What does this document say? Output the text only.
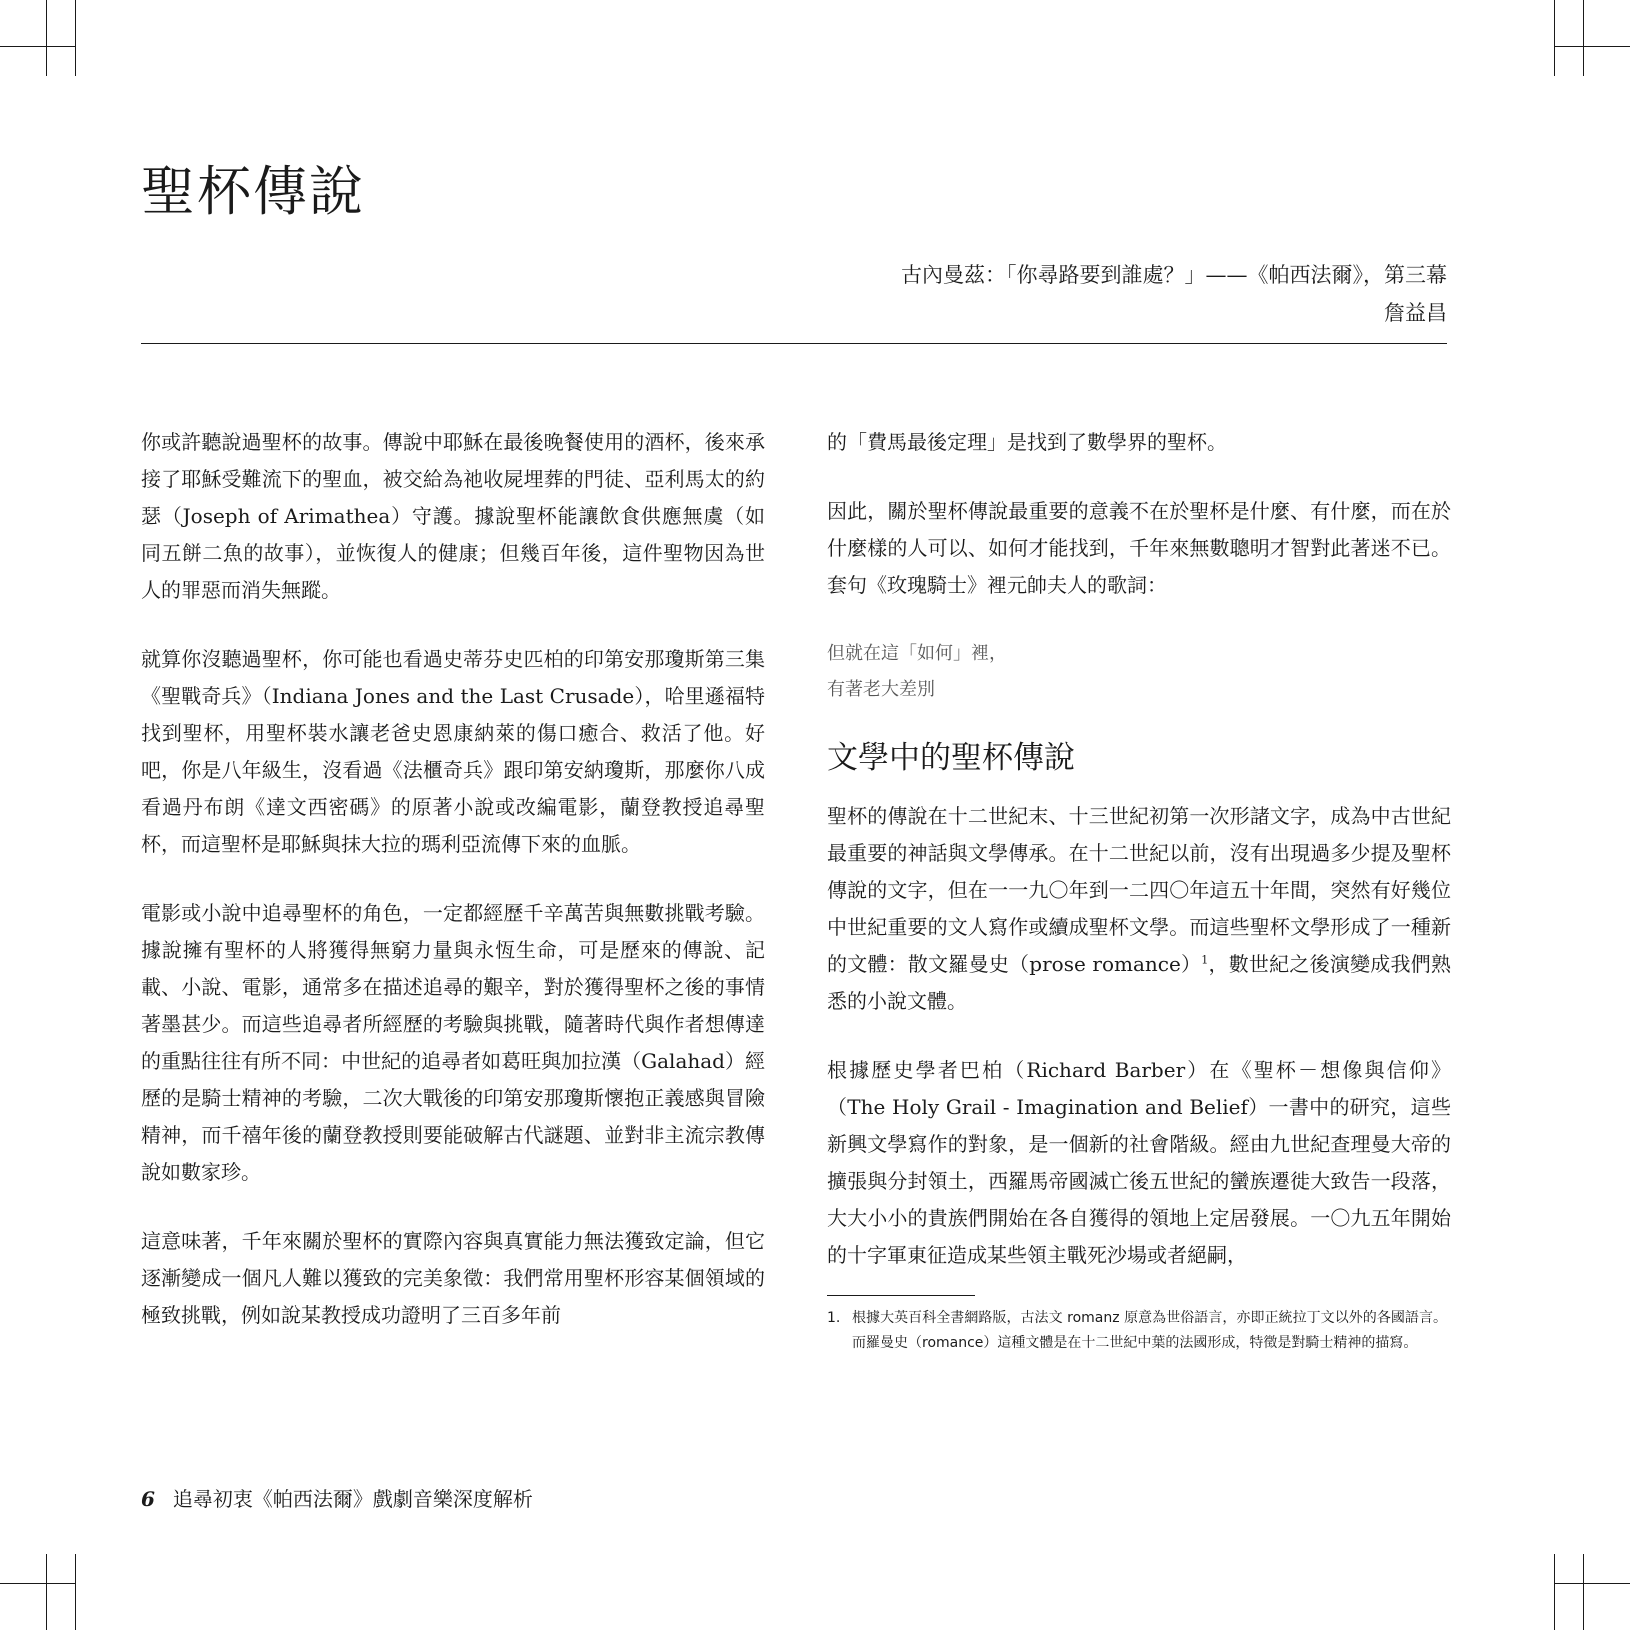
聖杯傳說
古內曼茲：「你尋路要到誰處？」——《帕西法爾》，第三幕
詹益昌

你或許聽說過聖杯的故事。傳說中耶穌在最後晚餐使用的酒杯，後來承接了耶穌受難流下的聖血，被交給為祂收屍埋葬的門徒、亞利馬太的約瑟（Joseph of Arimathea）守護。據說聖杯能讓飲食供應無虞（如同五餅二魚的故事），並恢復人的健康；但幾百年後，這件聖物因為世人的罪惡而消失無蹤。

就算你沒聽過聖杯，你可能也看過史蒂芬史匹柏的印第安那瓊斯第三集《聖戰奇兵》（Indiana Jones and the Last Crusade），哈里遜福特找到聖杯，用聖杯裝水讓老爸史恩康納萊的傷口癒合、救活了他。好吧，你是八年級生，沒看過《法櫃奇兵》跟印第安納瓊斯，那麼你八成看過丹布朗《達文西密碼》的原著小說或改編電影，蘭登教授追尋聖杯，而這聖杯是耶穌與抹大拉的瑪利亞流傳下來的血脈。

電影或小說中追尋聖杯的角色，一定都經歷千辛萬苦與無數挑戰考驗。據說擁有聖杯的人將獲得無窮力量與永恆生命，可是歷來的傳說、記載、小說、電影，通常多在描述追尋的艱辛，對於獲得聖杯之後的事情著墨甚少。而這些追尋者所經歷的考驗與挑戰，隨著時代與作者想傳達的重點往往有所不同：中世紀的追尋者如葛旺與加拉漢（Galahad）經歷的是騎士精神的考驗，二次大戰後的印第安那瓊斯懷抱正義感與冒險精神，而千禧年後的蘭登教授則要能破解古代謎題、並對非主流宗教傳說如數家珍。

這意味著，千年來關於聖杯的實際內容與真實能力無法獲致定論，但它逐漸變成一個凡人難以獲致的完美象徵：我們常用聖杯形容某個領域的極致挑戰，例如說某教授成功證明了三百多年前

的「費馬最後定理」是找到了數學界的聖杯。

因此，關於聖杯傳說最重要的意義不在於聖杯是什麼、有什麼，而在於什麼樣的人可以、如何才能找到，千年來無數聰明才智對此著迷不已。套句《玫瑰騎士》裡元帥夫人的歌詞：

但就在這「如何」裡，
有著老大差別
文學中的聖杯傳說

聖杯的傳說在十二世紀末、十三世紀初第一次形諸文字，成為中古世紀最重要的神話與文學傳承。在十二世紀以前，沒有出現過多少提及聖杯傳說的文字，但在一一九〇年到一二四〇年這五十年間，突然有好幾位中世紀重要的文人寫作或續成聖杯文學。而這些聖杯文學形成了一種新的文體：散文羅曼史（prose romance）$^1$，數世紀之後演變成我們熟悉的小說文體。

根據歷史學者巴柏（Richard Barber）在《聖杯－想像與信仰》（The Holy Grail - Imagination and Belief）一書中的研究，這些新興文學寫作的對象，是一個新的社會階級。經由九世紀查理曼大帝的擴張與分封領土，西羅馬帝國滅亡後五世紀的蠻族遷徙大致告一段落，大大小小的貴族們開始在各自獲得的領地上定居發展。一〇九五年開始的十字軍東征造成某些領主戰死沙場或者絕嗣，

1. 根據大英百科全書網路版，古法文 romanz 原意為世俗語言，亦即正統拉丁文以外的各國語言。而羅曼史（romance）這種文體是在十二世紀中葉的法國形成，特徵是對騎士精神的描寫。
6 追尋初衷《帕西法爾》戲劇音樂深度解析
